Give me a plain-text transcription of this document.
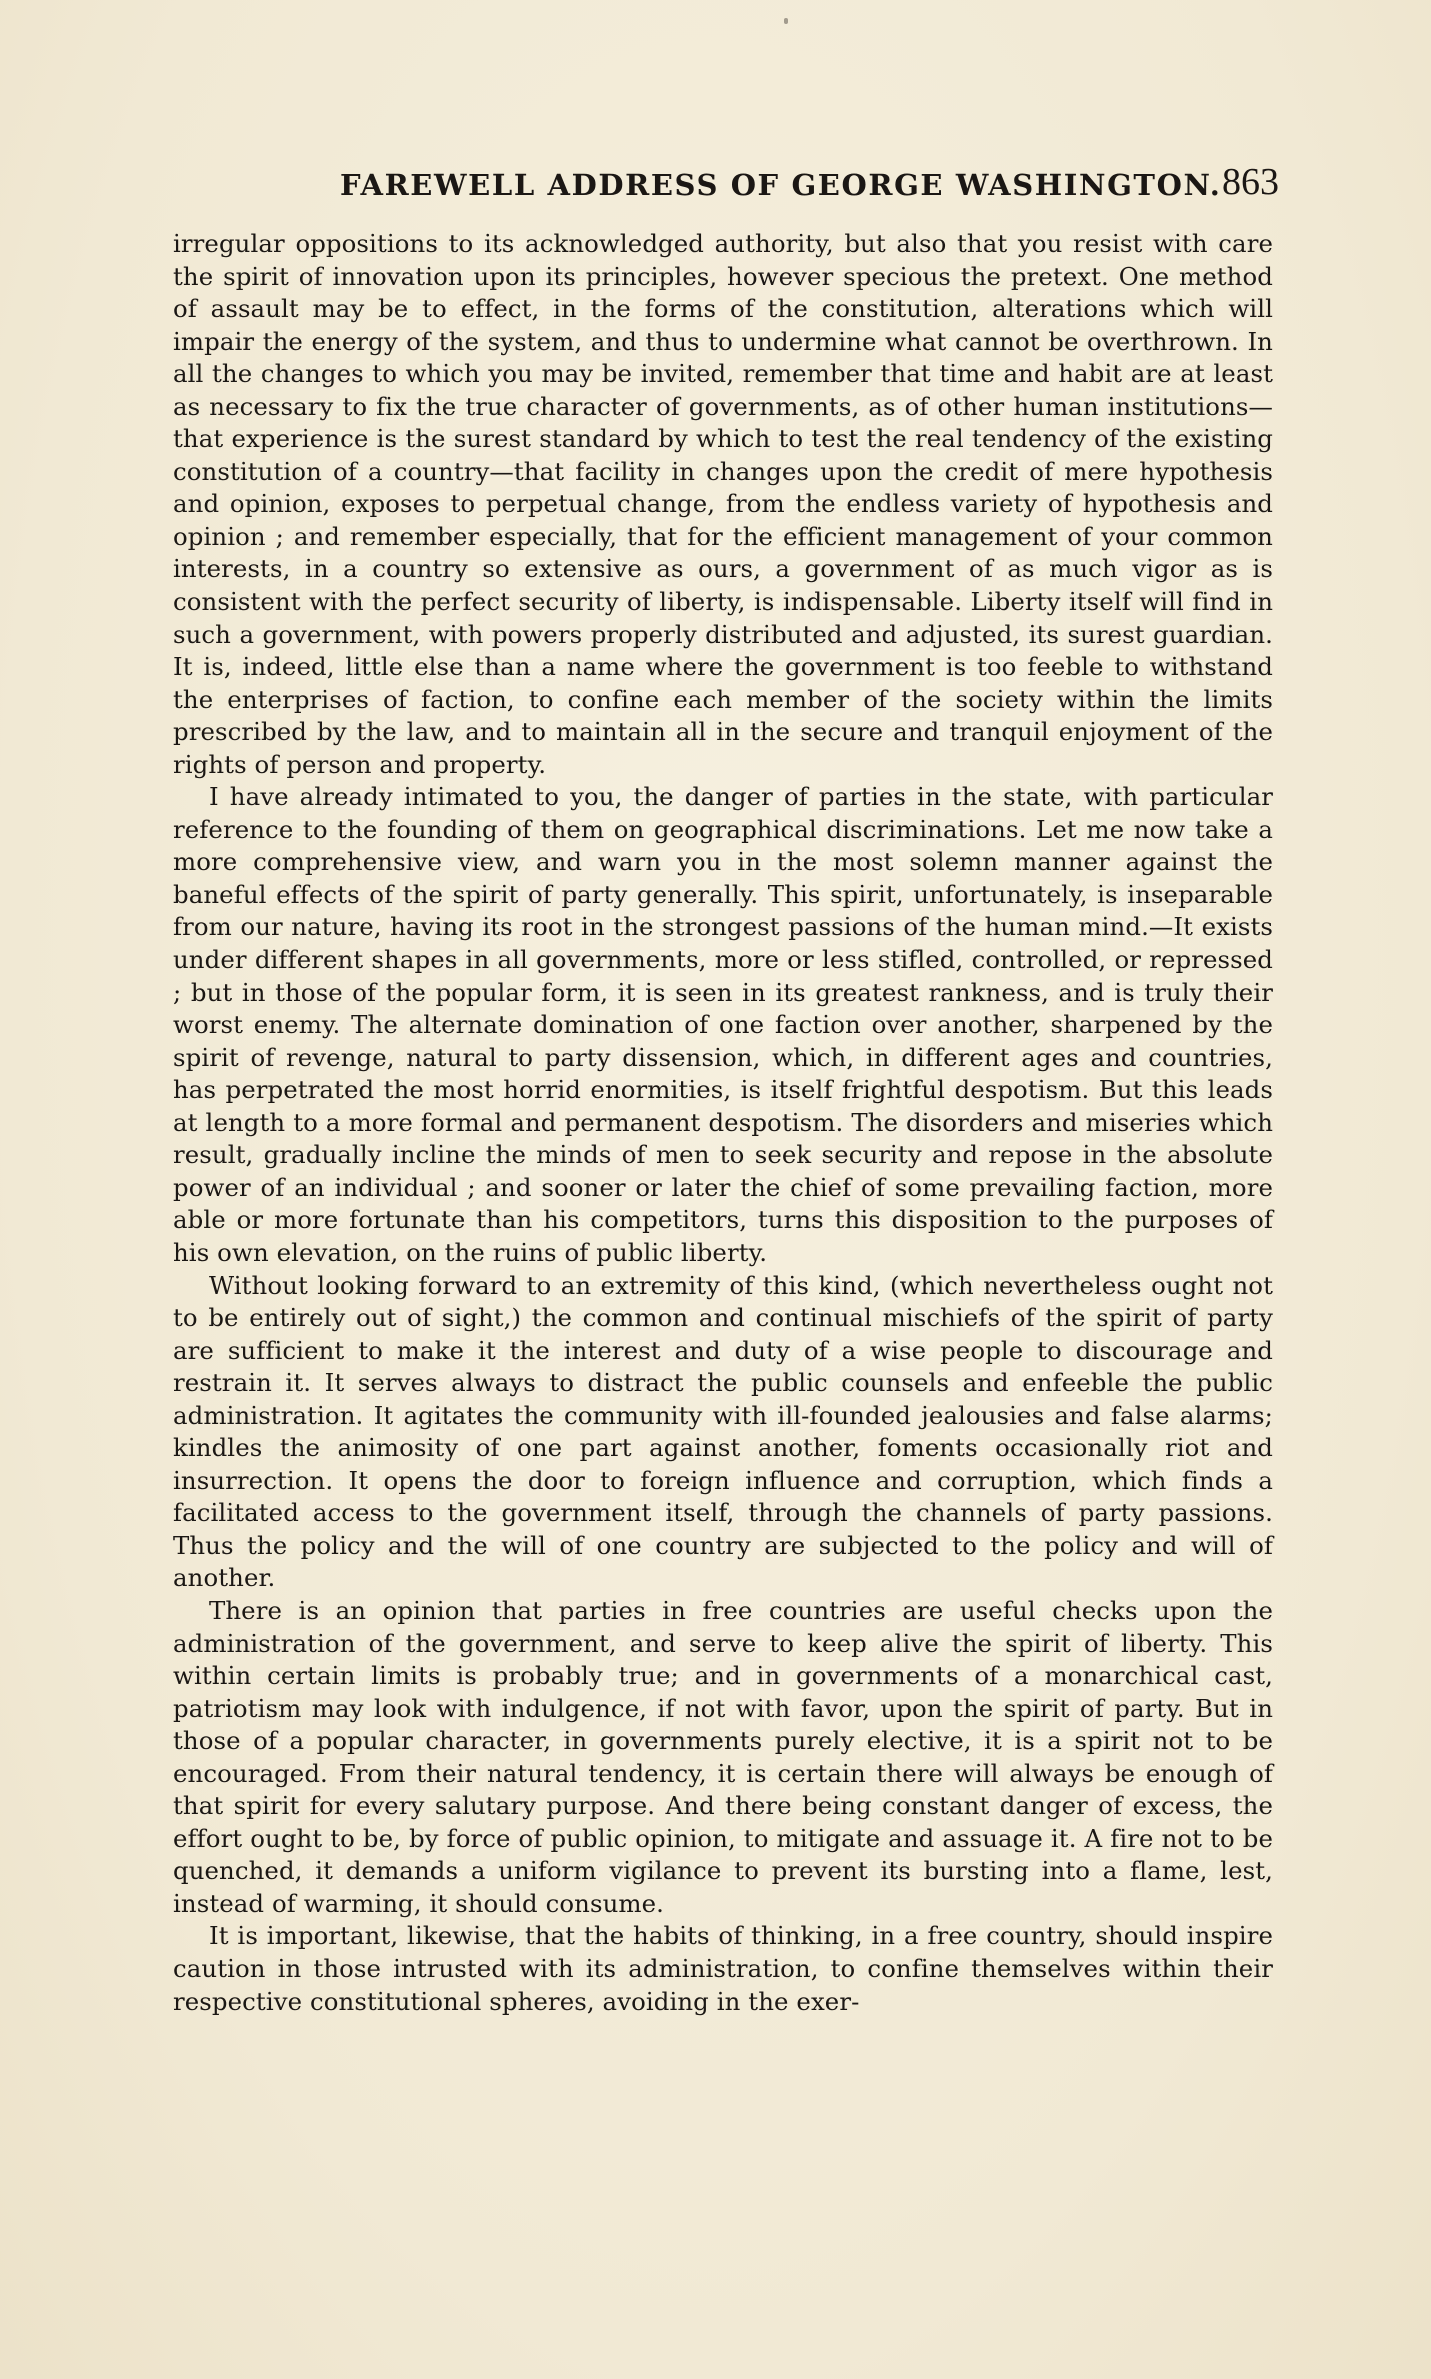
FAREWELL ADDRESS OF GEORGE WASHINGTON. 863

irregular oppositions to its acknowledged authority, but also that you resist with care the spirit of innovation upon its principles, however specious the pretext. One method of assault may be to effect, in the forms of the constitution, alterations which will impair the energy of the system, and thus to undermine what cannot be overthrown. In all the changes to which you may be invited, remember that time and habit are at least as necessary to fix the true character of governments, as of other human institutions—that experience is the surest standard by which to test the real tendency of the existing constitution of a country—that facility in changes upon the credit of mere hypothesis and opinion, exposes to perpetual change, from the endless variety of hypothesis and opinion ; and remember especially, that for the efficient management of your common interests, in a country so extensive as ours, a government of as much vigor as is consistent with the perfect security of liberty, is indispensable. Liberty itself will find in such a government, with powers properly distributed and adjusted, its surest guardian. It is, indeed, little else than a name where the government is too feeble to withstand the enterprises of faction, to confine each member of the society within the limits prescribed by the law, and to maintain all in the secure and tranquil enjoyment of the rights of person and property.

I have already intimated to you, the danger of parties in the state, with particular reference to the founding of them on geographical discriminations. Let me now take a more comprehensive view, and warn you in the most solemn manner against the baneful effects of the spirit of party generally. This spirit, unfortunately, is inseparable from our nature, having its root in the strongest passions of the human mind.—It exists under different shapes in all governments, more or less stifled, controlled, or repressed ; but in those of the popular form, it is seen in its greatest rankness, and is truly their worst enemy. The alternate domination of one faction over another, sharpened by the spirit of revenge, natural to party dissension, which, in different ages and countries, has perpetrated the most horrid enormities, is itself frightful despotism. But this leads at length to a more formal and permanent despotism. The disorders and miseries which result, gradually incline the minds of men to seek security and repose in the absolute power of an individual ; and sooner or later the chief of some prevailing faction, more able or more fortunate than his competitors, turns this disposition to the purposes of his own elevation, on the ruins of public liberty.

Without looking forward to an extremity of this kind, (which nevertheless ought not to be entirely out of sight,) the common and continual mischiefs of the spirit of party are sufficient to make it the interest and duty of a wise people to discourage and restrain it. It serves always to distract the public counsels and enfeeble the public administration. It agitates the community with ill-founded jealousies and false alarms; kindles the animosity of one part against another, foments occasionally riot and insurrection. It opens the door to foreign influence and corruption, which finds a facilitated access to the government itself, through the channels of party passions. Thus the policy and the will of one country are subjected to the policy and will of another.

There is an opinion that parties in free countries are useful checks upon the administration of the government, and serve to keep alive the spirit of liberty. This within certain limits is probably true; and in governments of a monarchical cast, patriotism may look with indulgence, if not with favor, upon the spirit of party. But in those of a popular character, in governments purely elective, it is a spirit not to be encouraged. From their natural tendency, it is certain there will always be enough of that spirit for every salutary purpose. And there being constant danger of excess, the effort ought to be, by force of public opinion, to mitigate and assuage it. A fire not to be quenched, it demands a uniform vigilance to prevent its bursting into a flame, lest, instead of warming, it should consume.

It is important, likewise, that the habits of thinking, in a free country, should inspire caution in those intrusted with its administration, to confine themselves within their respective constitutional spheres, avoiding in the exer-
